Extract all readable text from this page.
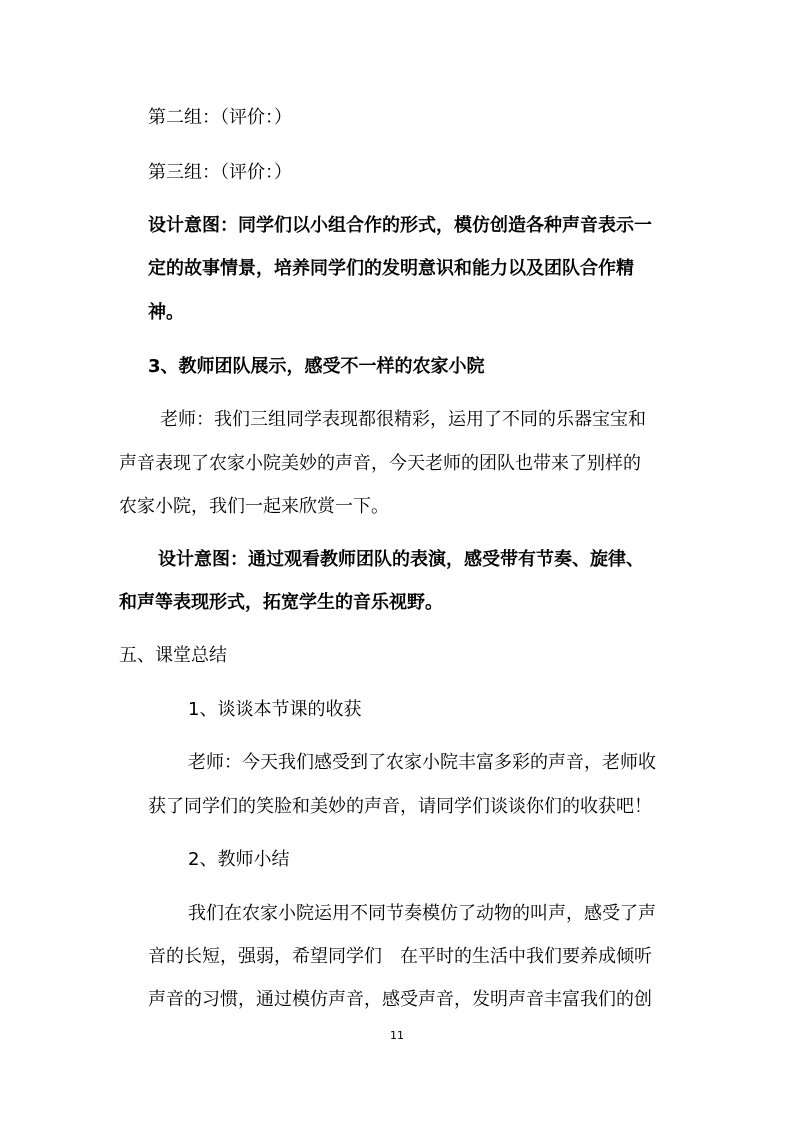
第二组：（评价：）
第三组：（评价：）
设计意图：同学们以小组合作的形式，模仿创造各种声音表示一
定的故事情景，培养同学们的发明意识和能力以及团队合作精
神。
3、教师团队展示，感受不一样的农家小院
老师：我们三组同学表现都很精彩，运用了不同的乐器宝宝和
声音表现了农家小院美妙的声音，今天老师的团队也带来了别样的
农家小院，我们一起来欣赏一下。
设计意图：通过观看教师团队的表演，感受带有节奏、旋律、
和声等表现形式，拓宽学生的音乐视野。
五、课堂总结
1、谈谈本节课的收获
老师：今天我们感受到了农家小院丰富多彩的声音，老师收
获了同学们的笑脸和美妙的声音，请同学们谈谈你们的收获吧！
2、教师小结
我们在农家小院运用不同节奏模仿了动物的叫声，感受了声
音的长短，强弱，希望同学们　在平时的生活中我们要养成倾听
声音的习惯，通过模仿声音，感受声音，发明声音丰富我们的创
11
